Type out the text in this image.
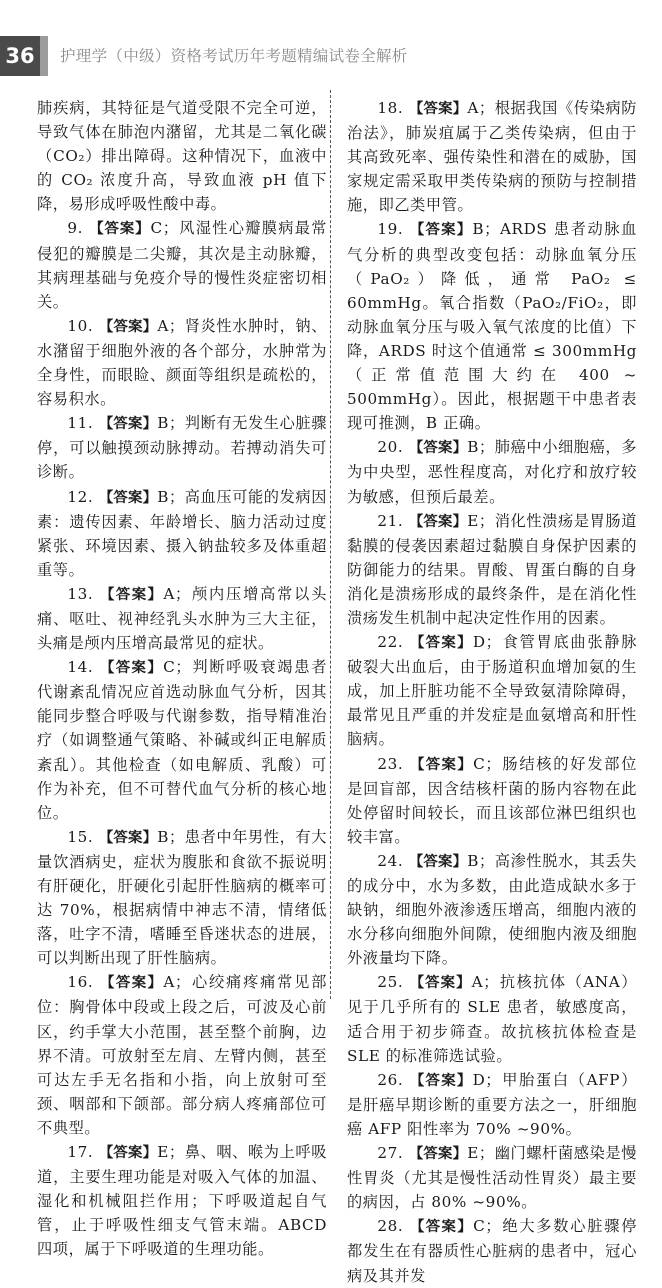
36	护理学（中级）资格考试历年考题精编试卷全解析

肺疾病，其特征是气道受限不完全可逆，导致气体在肺泡内潴留，尤其是二氧化碳（CO₂）排出障碍。这种情况下，血液中的 CO₂ 浓度升高，导致血液 pH 值下降，易形成呼吸性酸中毒。

9. 【答案】C；风湿性心瓣膜病最常侵犯的瓣膜是二尖瓣，其次是主动脉瓣，其病理基础与免疫介导的慢性炎症密切相关。

10. 【答案】A；肾炎性水肿时，钠、水潴留于细胞外液的各个部分，水肿常为全身性，而眼睑、颜面等组织是疏松的，容易积水。

11. 【答案】B；判断有无发生心脏骤停，可以触摸颈动脉搏动。若搏动消失可诊断。

12. 【答案】B；高血压可能的发病因素：遗传因素、年龄增长、脑力活动过度紧张、环境因素、摄入钠盐较多及体重超重等。

13. 【答案】A；颅内压增高常以头痛、呕吐、视神经乳头水肿为三大主征，头痛是颅内压增高最常见的症状。

14. 【答案】C；判断呼吸衰竭患者代谢紊乱情况应首选动脉血气分析，因其能同步整合呼吸与代谢参数，指导精准治疗（如调整通气策略、补碱或纠正电解质紊乱）。其他检查（如电解质、乳酸）可作为补充，但不可替代血气分析的核心地位。

15. 【答案】B；患者中年男性，有大量饮酒病史，症状为腹胀和食欲不振说明有肝硬化，肝硬化引起肝性脑病的概率可达 70%，根据病情中神志不清，情绪低落，吐字不清，嗜睡至昏迷状态的进展，可以判断出现了肝性脑病。

16. 【答案】A；心绞痛疼痛常见部位：胸骨体中段或上段之后，可波及心前区，约手掌大小范围，甚至整个前胸，边界不清。可放射至左肩、左臂内侧，甚至可达左手无名指和小指，向上放射可至颈、咽部和下颌部。部分病人疼痛部位可不典型。

17. 【答案】E；鼻、咽、喉为上呼吸道，主要生理功能是对吸入气体的加温、湿化和机械阻拦作用；下呼吸道起自气管，止于呼吸性细支气管末端。ABCD 四项，属于下呼吸道的生理功能。

18. 【答案】A；根据我国《传染病防治法》，肺炭疽属于乙类传染病，但由于其高致死率、强传染性和潜在的威胁，国家规定需采取甲类传染病的预防与控制措施，即乙类甲管。

19. 【答案】B；ARDS 患者动脉血气分析的典型改变包括：动脉血氧分压（PaO₂）降低，通常 PaO₂ ≤ 60mmHg。氧合指数（PaO₂/FiO₂，即动脉血氧分压与吸入氧气浓度的比值）下降，ARDS 时这个值通常 ≤ 300mmHg（正常值范围大约在 400 ~ 500mmHg）。因此，根据题干中患者表现可推测，B 正确。

20. 【答案】B；肺癌中小细胞癌，多为中央型，恶性程度高，对化疗和放疗较为敏感，但预后最差。

21. 【答案】E；消化性溃疡是胃肠道黏膜的侵袭因素超过黏膜自身保护因素的防御能力的结果。胃酸、胃蛋白酶的自身消化是溃疡形成的最终条件，是在消化性溃疡发生机制中起决定性作用的因素。

22. 【答案】D；食管胃底曲张静脉破裂大出血后，由于肠道积血增加氨的生成，加上肝脏功能不全导致氨清除障碍，最常见且严重的并发症是血氨增高和肝性脑病。

23. 【答案】C；肠结核的好发部位是回盲部，因含结核杆菌的肠内容物在此处停留时间较长，而且该部位淋巴组织也较丰富。

24. 【答案】B；高渗性脱水，其丢失的成分中，水为多数，由此造成缺水多于缺钠，细胞外液渗透压增高，细胞内液的水分移向细胞外间隙，使细胞内液及细胞外液量均下降。

25. 【答案】A；抗核抗体（ANA）见于几乎所有的 SLE 患者，敏感度高，适合用于初步筛查。故抗核抗体检查是 SLE 的标准筛选试验。

26. 【答案】D；甲胎蛋白（AFP）是肝癌早期诊断的重要方法之一，肝细胞癌 AFP 阳性率为 70% ~90%。

27. 【答案】E；幽门螺杆菌感染是慢性胃炎（尤其是慢性活动性胃炎）最主要的病因，占 80% ~90%。

28. 【答案】C；绝大多数心脏骤停都发生在有器质性心脏病的患者中，冠心病及其并发
